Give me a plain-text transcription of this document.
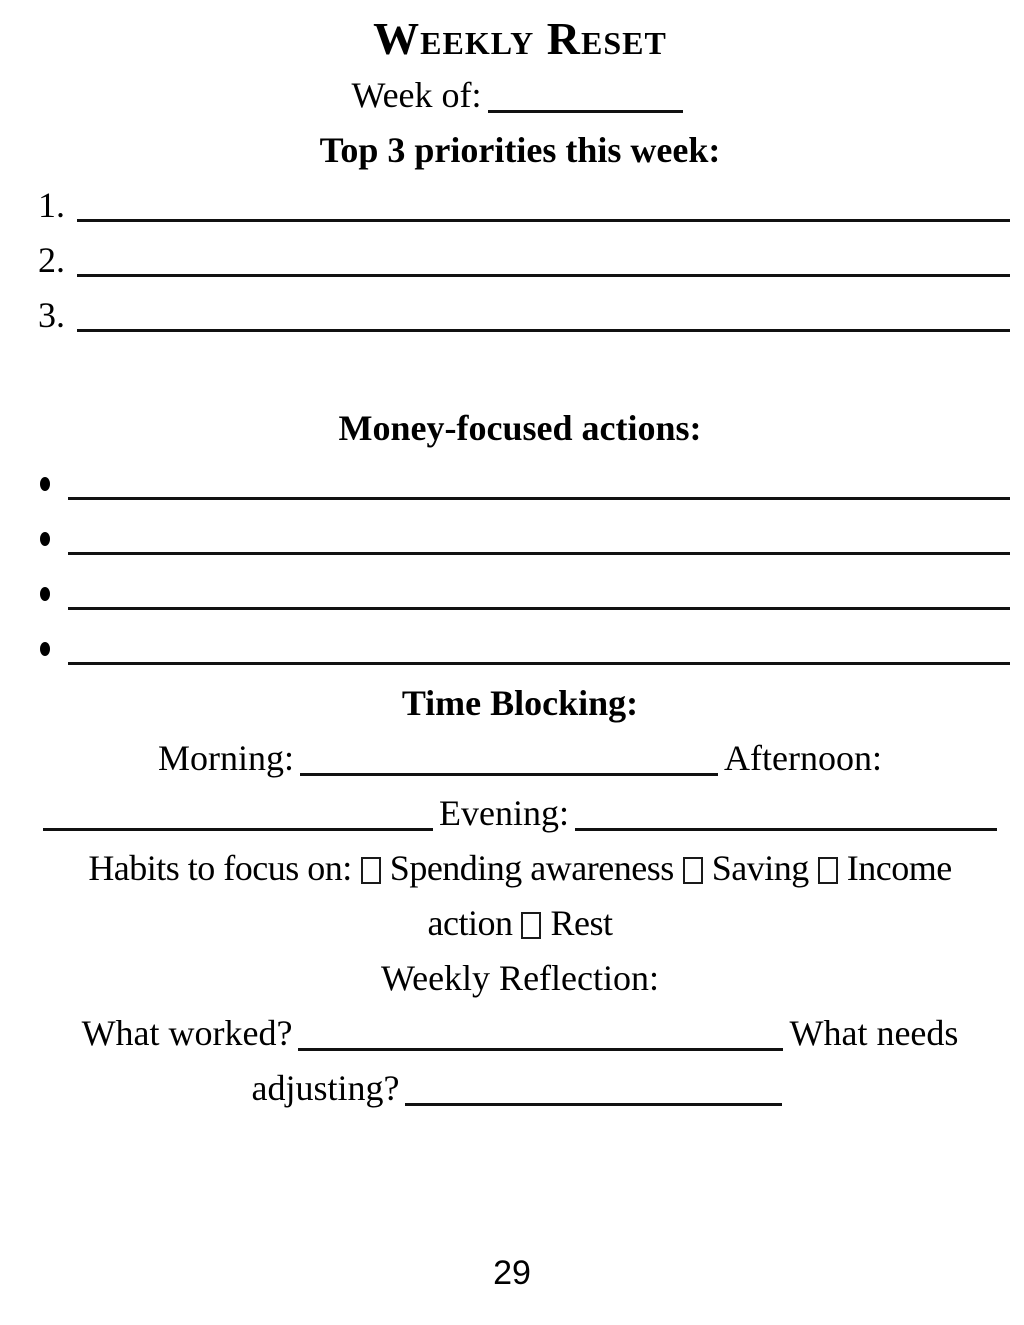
Weekly Reset
Week of:
Top 3 priorities this week:
1.
2.
3.
Money-focused actions:
Time Blocking:
Morning:	Afternoon:
Evening:
Habits to focus on: Spending awareness Saving Income
action Rest
Weekly Reflection:
What worked?	What needs
adjusting?
29
